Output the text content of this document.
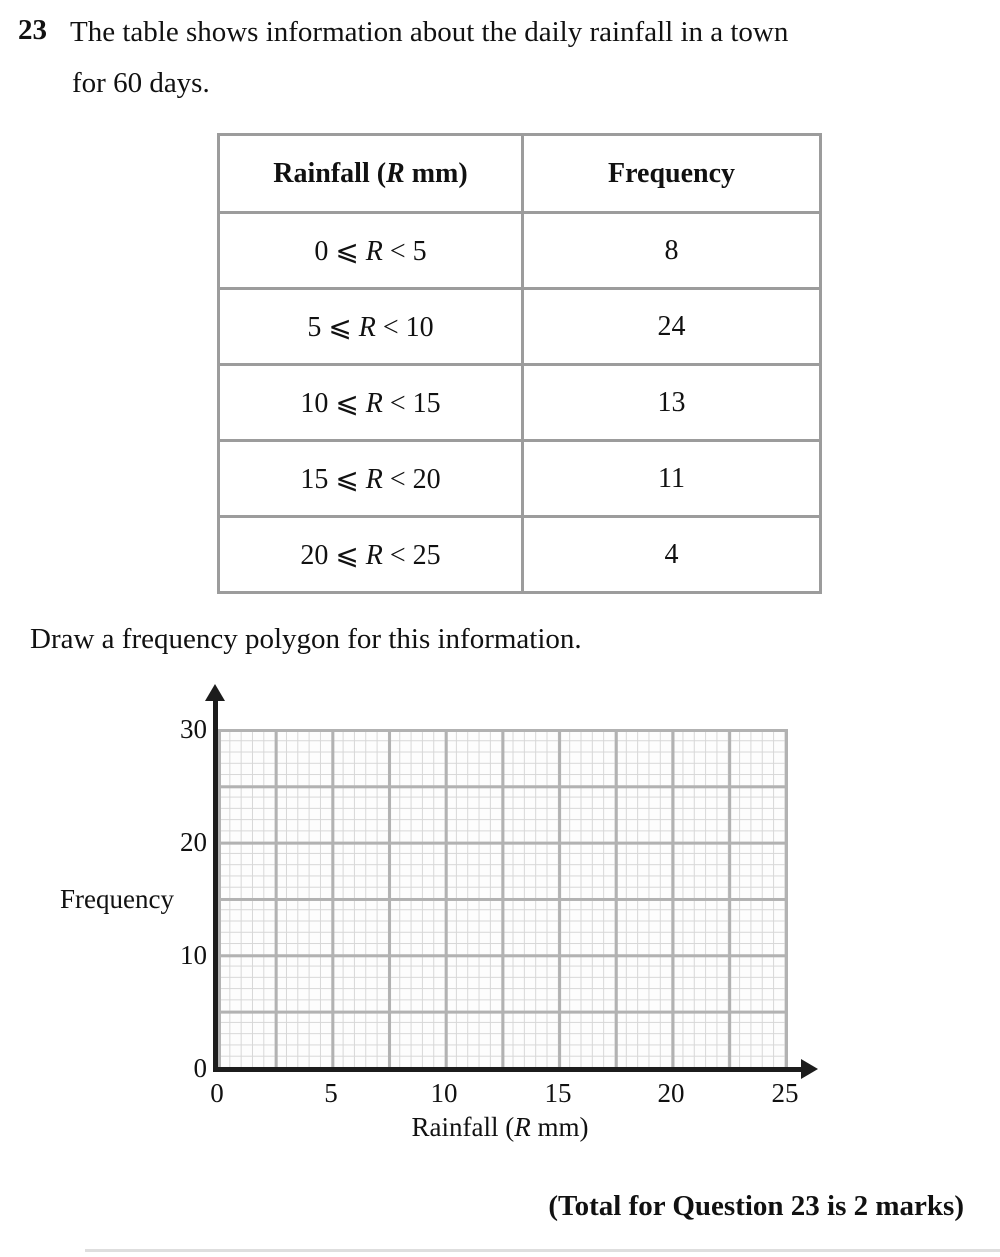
23 The table shows information about the daily rainfall in a town
for 60 days.
Rainfall (R mm)	Frequency
0 ⩽ R < 5	8
5 ⩽ R < 10	24
10 ⩽ R < 15	13
15 ⩽ R < 20	11
20 ⩽ R < 25	4
Draw a frequency polygon for this information.
Frequency
Rainfall (R mm)
30
20
10
0
0	5	10	15	20	25
(Total for Question 23 is 2 marks)
